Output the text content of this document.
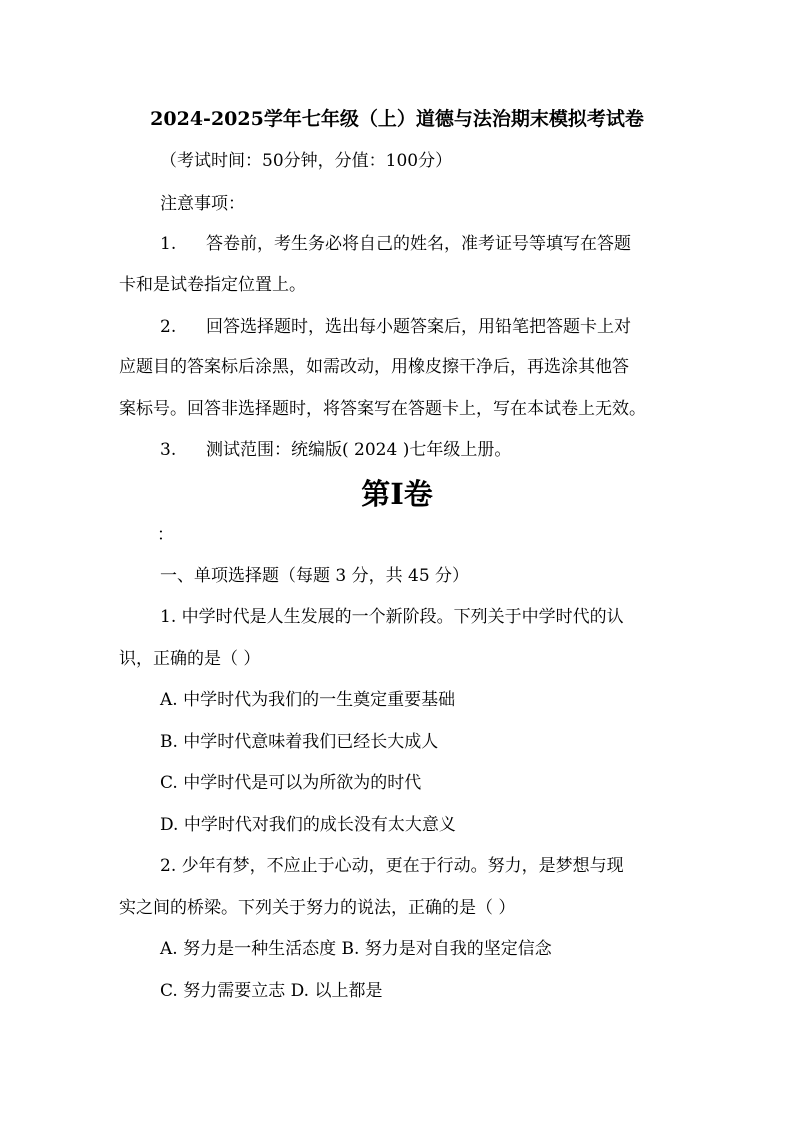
2024-2025学年七年级（上）道德与法治期末模拟考试卷
（考试时间：50分钟，分值：100分）
注意事项：
1. 答卷前，考生务必将自己的姓名，准考证号等填写在答题
卡和是试卷指定位置上。
2. 回答选择题时，选出每小题答案后，用铅笔把答题卡上对
应题目的答案标后涂黑，如需改动，用橡皮擦干净后，再选涂其他答
案标号。回答非选择题时，将答案写在答题卡上，写在本试卷上无效。
3. 测试范围：统编版( 2024 )七年级上册。
第I卷
：
一、单项选择题（每题 3 分，共 45 分）
1. 中学时代是人生发展的一个新阶段。下列关于中学时代的认
识，正确的是（ ）
A. 中学时代为我们的一生奠定重要基础
B. 中学时代意味着我们已经长大成人
C. 中学时代是可以为所欲为的时代
D. 中学时代对我们的成长没有太大意义
2. 少年有梦，不应止于心动，更在于行动。努力，是梦想与现
实之间的桥梁。下列关于努力的说法，正确的是（ ）
A. 努力是一种生活态度 B. 努力是对自我的坚定信念
C. 努力需要立志 D. 以上都是
